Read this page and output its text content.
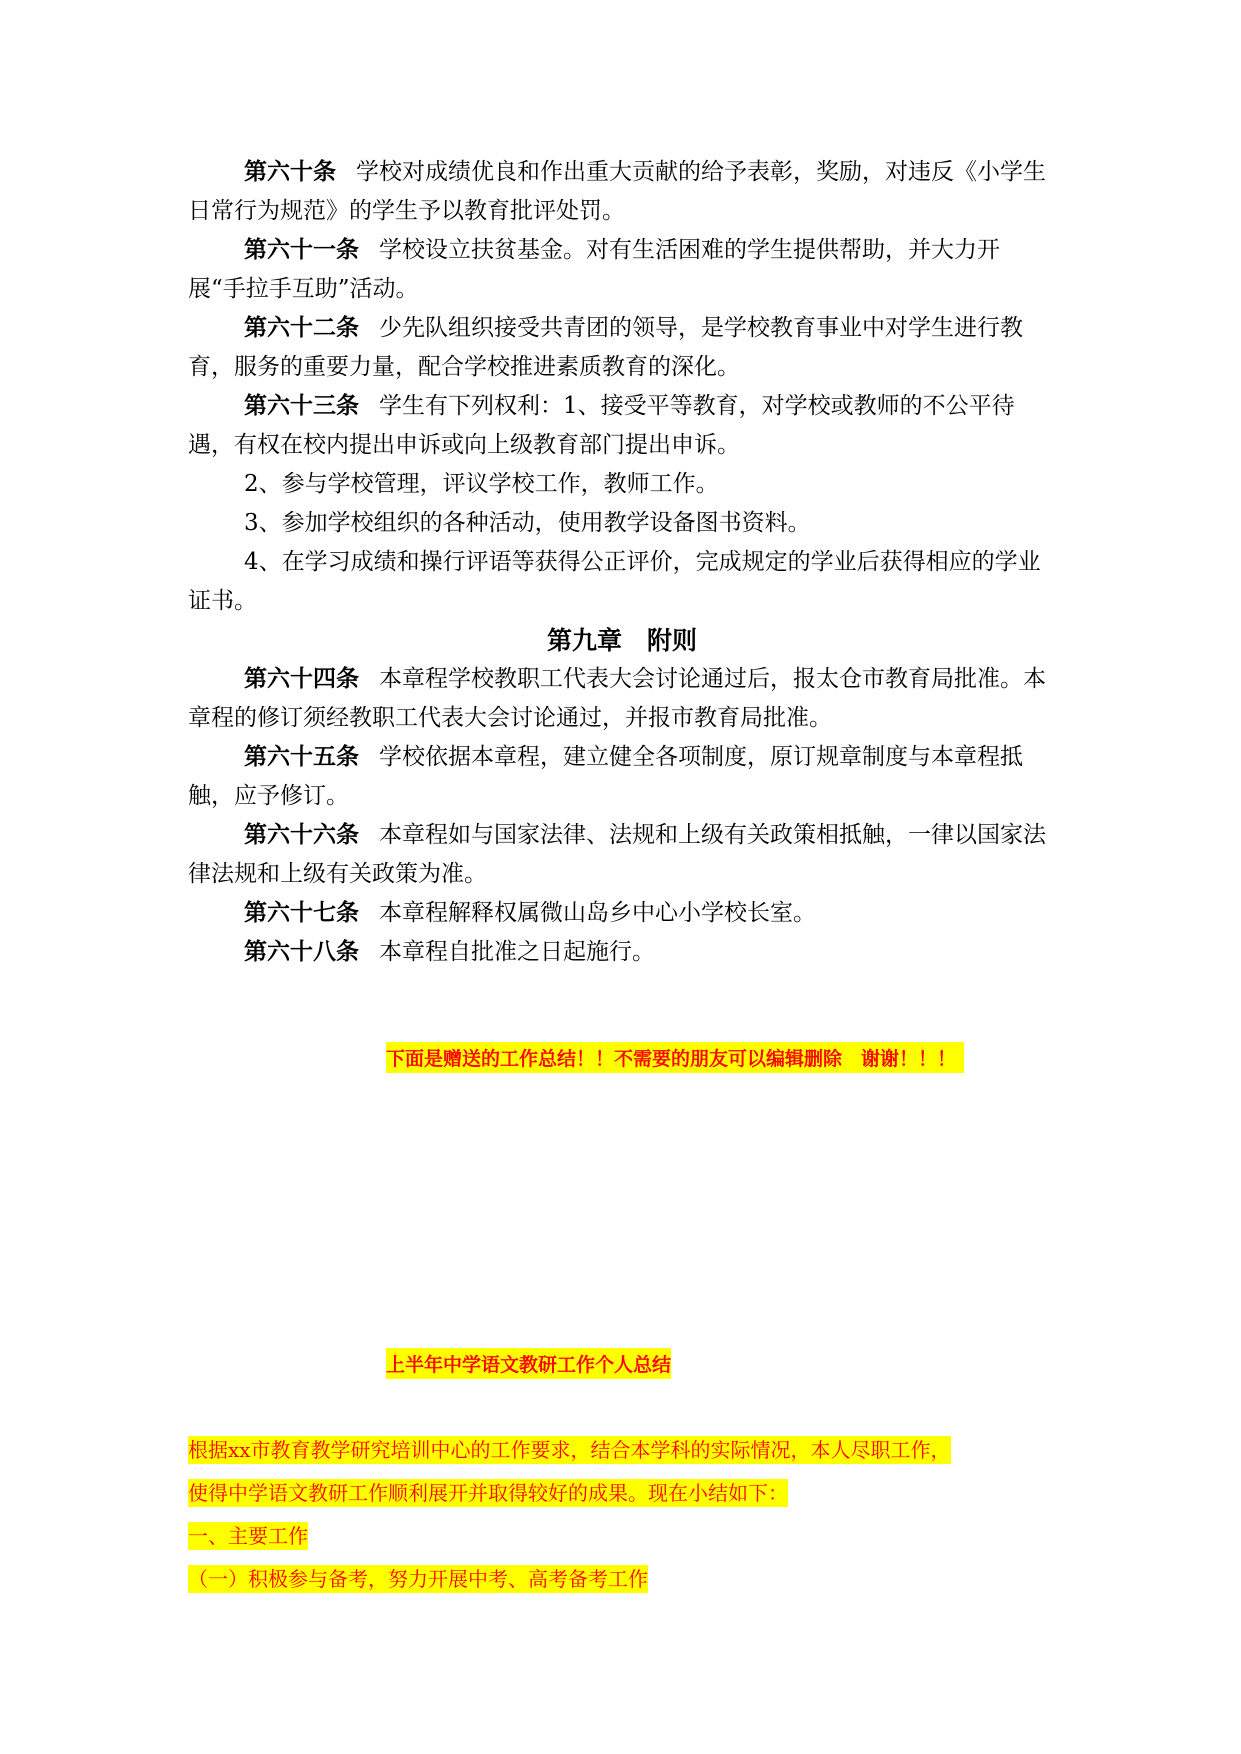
第六十条 学校对成绩优良和作出重大贡献的给予表彰，奖励，对违反《小学生日常行为规范》的学生予以教育批评处罚。

第六十一条 学校设立扶贫基金。对有生活困难的学生提供帮助，并大力开展“手拉手互助”活动。

第六十二条 少先队组织接受共青团的领导，是学校教育事业中对学生进行教育，服务的重要力量，配合学校推进素质教育的深化。

第六十三条 学生有下列权利：1、接受平等教育，对学校或教师的不公平待遇，有权在校内提出申诉或向上级教育部门提出申诉。

2、参与学校管理，评议学校工作，教师工作。

3、参加学校组织的各种活动，使用教学设备图书资料。

4、在学习成绩和操行评语等获得公正评价，完成规定的学业后获得相应的学业证书。

第九章　附则

第六十四条 本章程学校教职工代表大会讨论通过后，报太仓市教育局批准。本章程的修订须经教职工代表大会讨论通过，并报市教育局批准。

第六十五条 学校依据本章程，建立健全各项制度，原订规章制度与本章程抵触，应予修订。

第六十六条 本章程如与国家法律、法规和上级有关政策相抵触，一律以国家法律法规和上级有关政策为准。

第六十七条 本章程解释权属微山岛乡中心小学校长室。

第六十八条 本章程自批准之日起施行。

下面是赠送的工作总结！！不需要的朋友可以编辑删除　谢谢！！！
上半年中学语文教研工作个人总结

根据xx市教育教学研究培训中心的工作要求，结合本学科的实际情况，本人尽职工作，

使得中学语文教研工作顺利展开并取得较好的成果。现在小结如下：

一、主要工作

（一）积极参与备考，努力开展中考、高考备考工作
